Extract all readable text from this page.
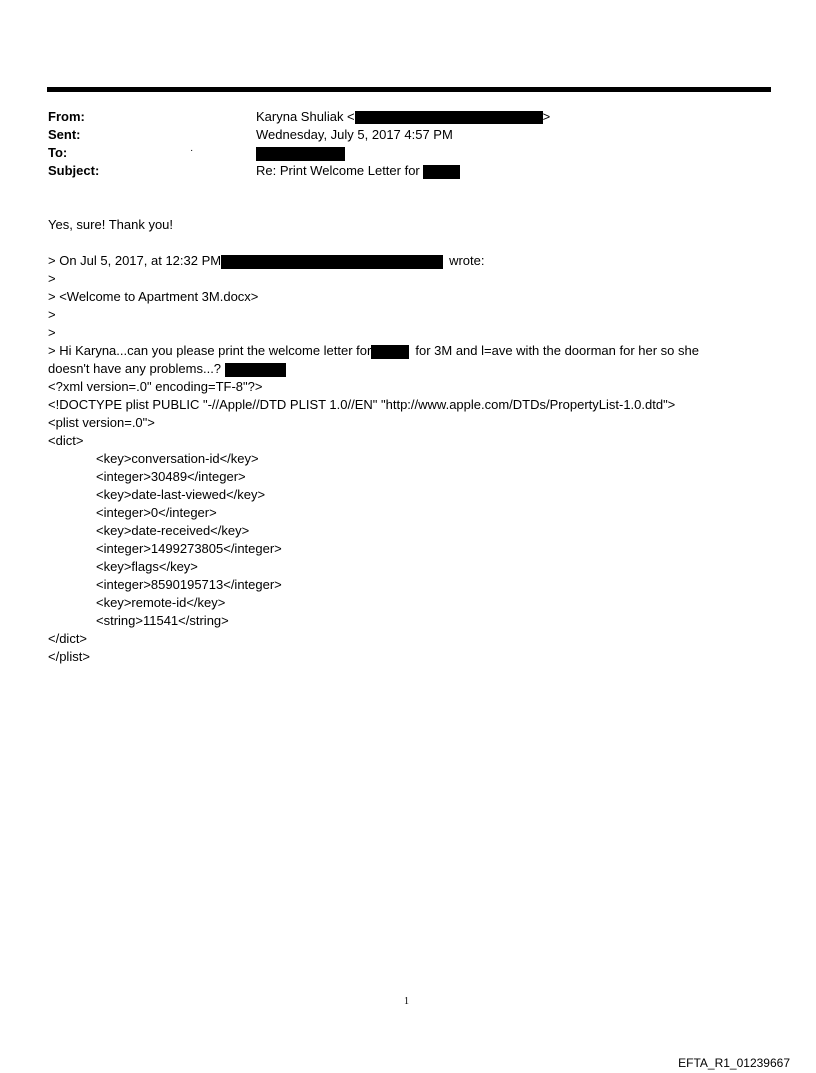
From:	Karyna Shuliak <	>
Sent:	Wednesday, July 5, 2017 4:57 PM
To:	·
Subject:	Re: Print Welcome Letter for
Yes, sure! Thank you!
> On Jul 5, 2017, at 12:32 PM	wrote:
>
> <Welcome to Apartment 3M.docx>
>
>
> Hi Karyna...can you please print the welcome letter for	for 3M and l=ave with the doorman for her so she
doesn't have any problems...?
<?xml version=.0" encoding=TF-8"?>
<!DOCTYPE plist PUBLIC "-//Apple//DTD PLIST 1.0//EN" "http://www.apple.com/DTDs/PropertyList-1.0.dtd">
<plist version=.0">
<dict>
<key>conversation-id</key>
<integer>30489</integer>
<key>date-last-viewed</key>
<integer>0</integer>
<key>date-received</key>
<integer>1499273805</integer>
<key>flags</key>
<integer>8590195713</integer>
<key>remote-id</key>
<string>11541</string>
</dict>
</plist>
1
EFTA_R1_01239667
